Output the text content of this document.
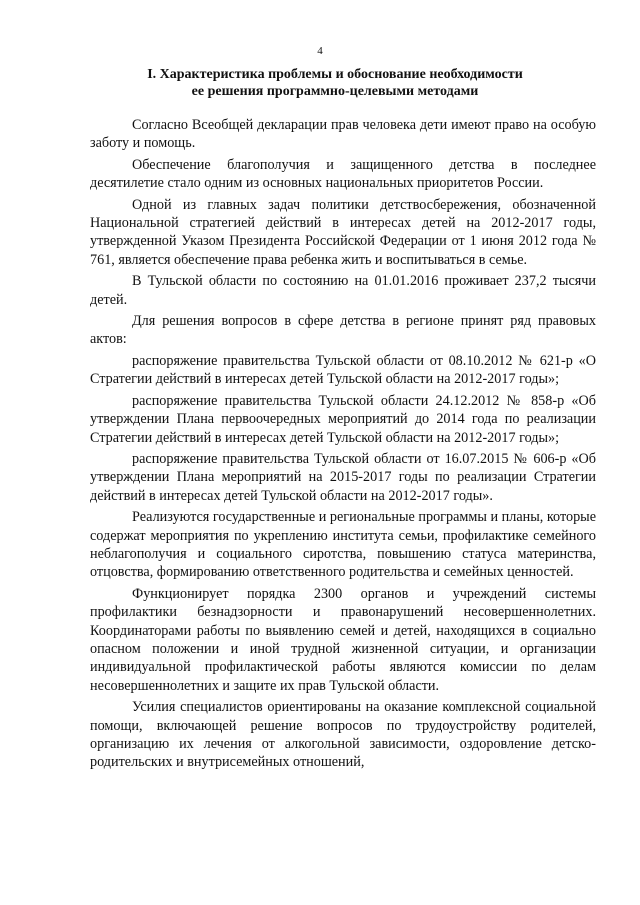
4
I. Характеристика проблемы и обоснование необходимости
ее решения программно-целевыми методами

Согласно Всеобщей декларации прав человека дети имеют право на особую заботу и помощь.

Обеспечение благополучия и защищенного детства в последнее десятилетие стало одним из основных национальных приоритетов России.

Одной из главных задач политики детствосбережения, обозначенной Национальной стратегией действий в интересах детей на 2012-2017 годы, утвержденной Указом Президента Российской Федерации от 1 июня 2012 года № 761, является обеспечение права ребенка жить и воспитываться в семье.

В Тульской области по состоянию на 01.01.2016 проживает 237,2 тысячи детей.

Для решения вопросов в сфере детства в регионе принят ряд правовых актов:

распоряжение правительства Тульской области от 08.10.2012 № 621-р «О Стратегии действий в интересах детей Тульской области на 2012-2017 годы»;

распоряжение правительства Тульской области 24.12.2012 № 858-р «Об утверждении Плана первоочередных мероприятий до 2014 года по реализации Стратегии действий в интересах детей Тульской области на 2012-2017 годы»;

распоряжение правительства Тульской области от 16.07.2015 № 606-р «Об утверждении Плана мероприятий на 2015-2017 годы по реализации Стратегии действий в интересах детей Тульской области на 2012-2017 годы».

Реализуются государственные и региональные программы и планы, которые содержат мероприятия по укреплению института семьи, профилактике семейного неблагополучия и социального сиротства, повышению статуса материнства, отцовства, формированию ответственного родительства и семейных ценностей.

Функционирует порядка 2300 органов и учреждений системы профилактики безнадзорности и правонарушений несовершеннолетних. Координаторами работы по выявлению семей и детей, находящихся в социально опасном положении и иной трудной жизненной ситуации, и организации индивидуальной профилактической работы являются комиссии по делам несовершеннолетних и защите их прав Тульской области.

Усилия специалистов ориентированы на оказание комплексной социальной помощи, включающей решение вопросов по трудоустройству родителей, организацию их лечения от алкогольной зависимости, оздоровление детско-родительских и внутрисемейных отношений,
